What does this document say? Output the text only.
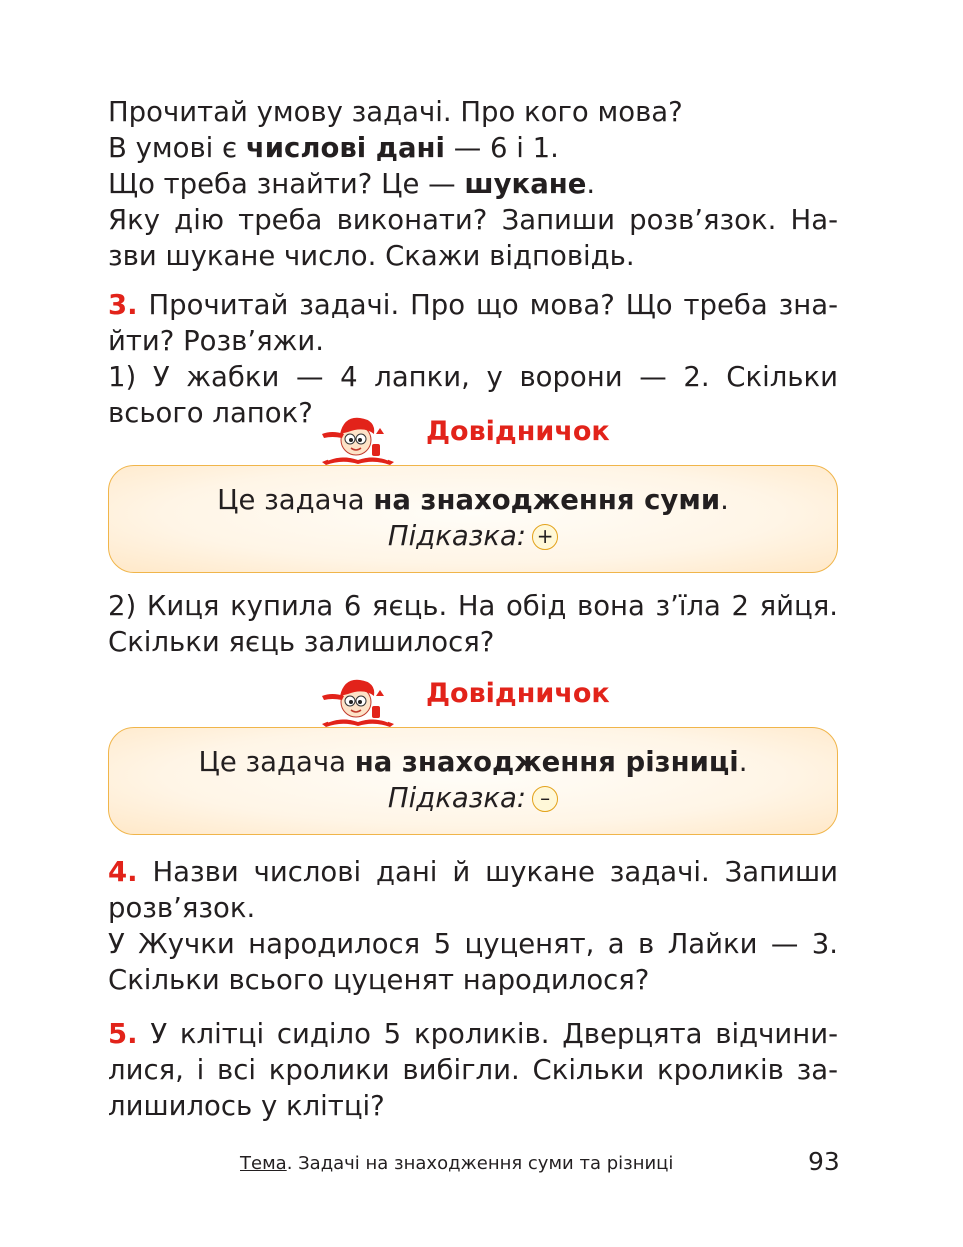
Прочитай умову задачі. Про кого мова?
В умові є числові дані — 6 і 1.
Що треба знайти? Це — шукане.
Яку дію треба виконати? Запиши розв’язок. На-
зви шукане число. Скажи відповідь.
3. Прочитай задачі. Про що мова? Що треба зна-
йти? Розв’яжи.
1) У жабки — 4 лапки, у ворони — 2. Скільки
всього лапок?
Довідничок
Це задача на знаходження суми.
Підказка: +
2) Киця купила 6 яєць. На обід вона з’їла 2 яйця.
Скільки яєць залишилося?
Довідничок
Це задача на знаходження різниці.
Підказка: –
4. Назви числові дані й шукане задачі. Запиши
розв’язок.
У Жучки народилося 5 цуценят, а в Лайки — 3.
Скільки всього цуценят народилося?
5. У клітці сиділо 5 кроликів. Дверцята відчини-
лися, і всі кролики вибігли. Скільки кроликів за-
лишилось у клітці?
Тема. Задачі на знаходження суми та різниці	93
